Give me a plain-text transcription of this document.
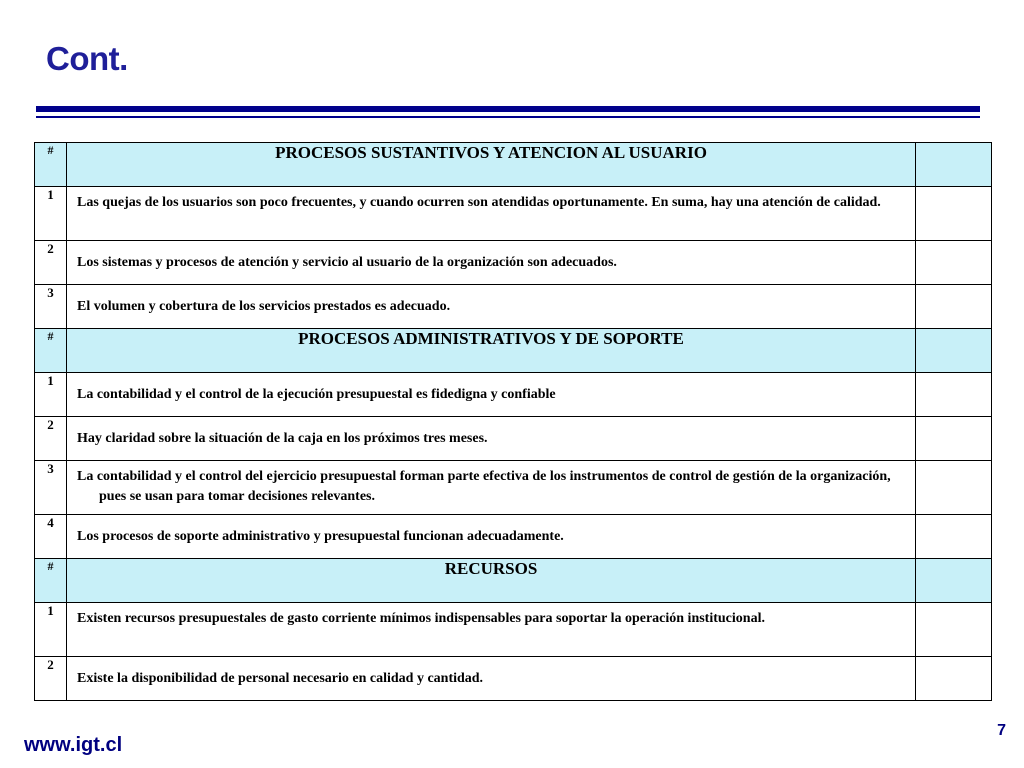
Cont.
#	PROCESOS SUSTANTIVOS Y ATENCION AL USUARIO	
1	Las quejas de los usuarios son poco frecuentes, y cuando ocurren son atendidas oportunamente. En suma, hay una atención de calidad.	

2	Los sistemas y procesos de atención y servicio al usuario de la organización son adecuados.	

3	El volumen y cobertura de los servicios prestados es adecuado.	

#	PROCESOS ADMINISTRATIVOS Y DE SOPORTE	
1	La contabilidad y el control de la ejecución presupuestal es fidedigna y confiable	

2	Hay claridad sobre la situación de la caja en los próximos tres meses.	

3	La contabilidad y el control del ejercicio presupuestal forman parte efectiva de los instrumentos de control de gestión de la organización, pues se usan para tomar decisiones relevantes.	

4	Los procesos de soporte administrativo y presupuestal funcionan adecuadamente.	

#	RECURSOS	
1	Existen recursos presupuestales de gasto corriente mínimos indispensables para soportar la operación institucional.	

2	Existe la disponibilidad de personal necesario en calidad y cantidad.	

www.igt.cl
7
